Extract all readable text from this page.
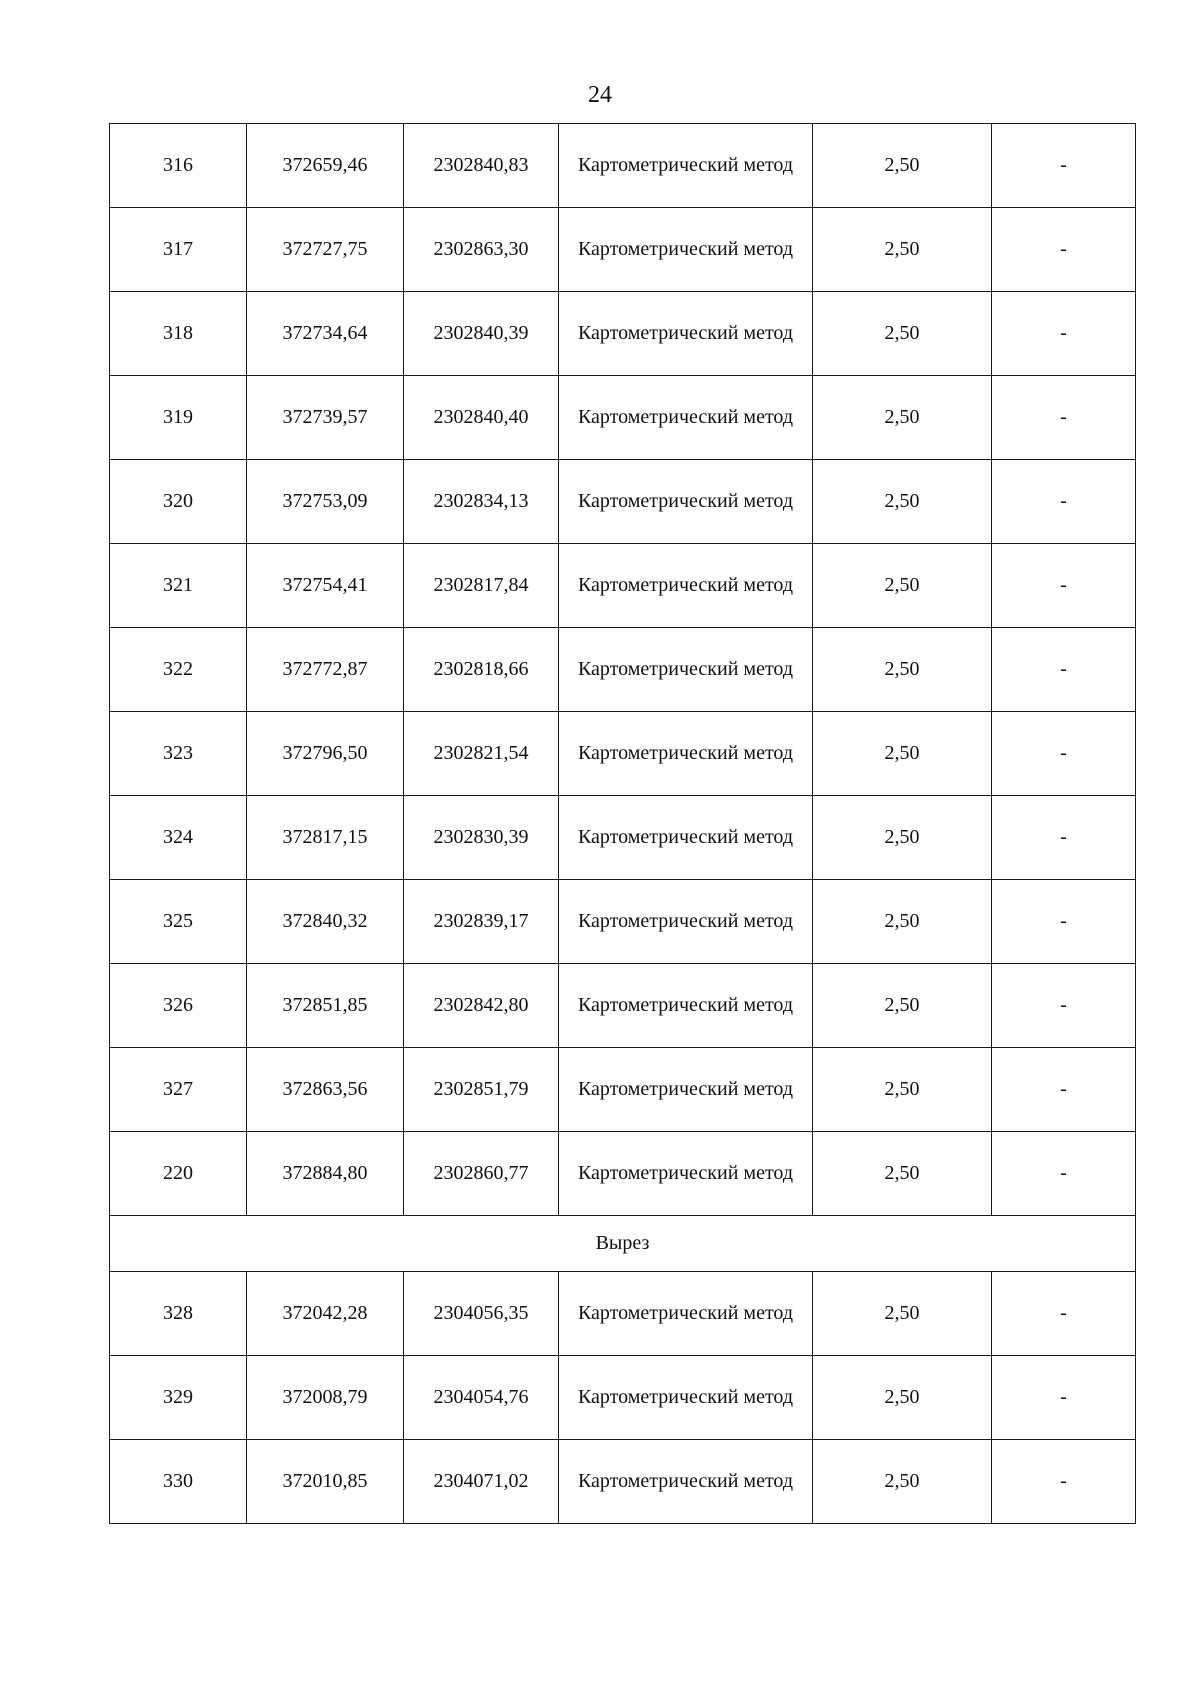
24
316	372659,46	2302840,83	Картометрический метод	2,50	-
317	372727,75	2302863,30	Картометрический метод	2,50	-
318	372734,64	2302840,39	Картометрический метод	2,50	-
319	372739,57	2302840,40	Картометрический метод	2,50	-
320	372753,09	2302834,13	Картометрический метод	2,50	-
321	372754,41	2302817,84	Картометрический метод	2,50	-
322	372772,87	2302818,66	Картометрический метод	2,50	-
323	372796,50	2302821,54	Картометрический метод	2,50	-
324	372817,15	2302830,39	Картометрический метод	2,50	-
325	372840,32	2302839,17	Картометрический метод	2,50	-
326	372851,85	2302842,80	Картометрический метод	2,50	-
327	372863,56	2302851,79	Картометрический метод	2,50	-
220	372884,80	2302860,77	Картометрический метод	2,50	-
Вырез					
328	372042,28	2304056,35	Картометрический метод	2,50	-
329	372008,79	2304054,76	Картометрический метод	2,50	-
330	372010,85	2304071,02	Картометрический метод	2,50	-
